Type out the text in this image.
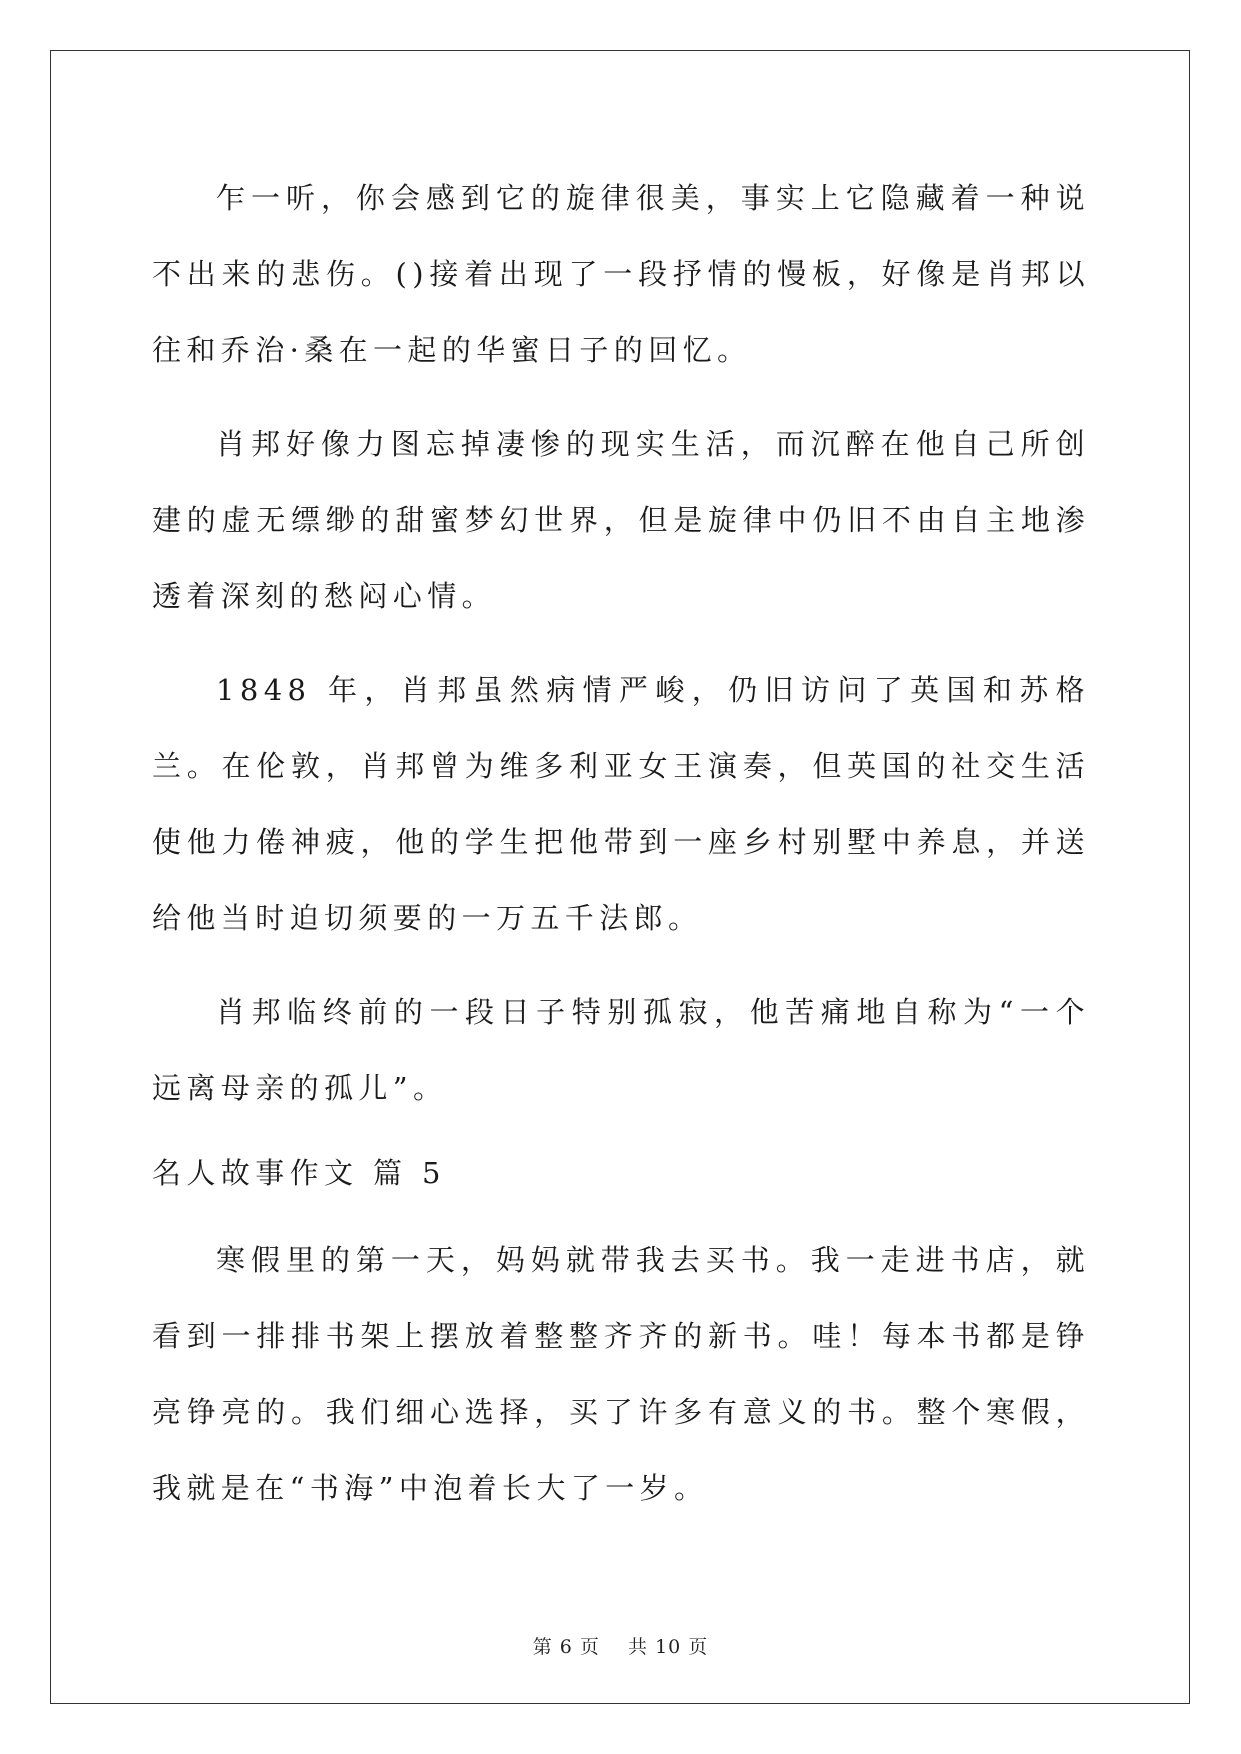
乍一听，你会感到它的旋律很美，事实上它隐藏着一种说不出来的悲伤。()接着出现了一段抒情的慢板，好像是肖邦以往和乔治·桑在一起的华蜜日子的回忆。

肖邦好像力图忘掉凄惨的现实生活，而沉醉在他自己所创建的虚无缥缈的甜蜜梦幻世界，但是旋律中仍旧不由自主地渗透着深刻的愁闷心情。

1848 年，肖邦虽然病情严峻，仍旧访问了英国和苏格兰。在伦敦，肖邦曾为维多利亚女王演奏，但英国的社交生活使他力倦神疲，他的学生把他带到一座乡村别墅中养息，并送给他当时迫切须要的一万五千法郎。

肖邦临终前的一段日子特别孤寂，他苦痛地自称为“一个远离母亲的孤儿”。

名人故事作文 篇 5

寒假里的第一天，妈妈就带我去买书。我一走进书店，就看到一排排书架上摆放着整整齐齐的新书。哇！每本书都是铮亮铮亮的。我们细心选择，买了许多有意义的书。整个寒假，我就是在“书海”中泡着长大了一岁。

第 6 页    共 10 页
